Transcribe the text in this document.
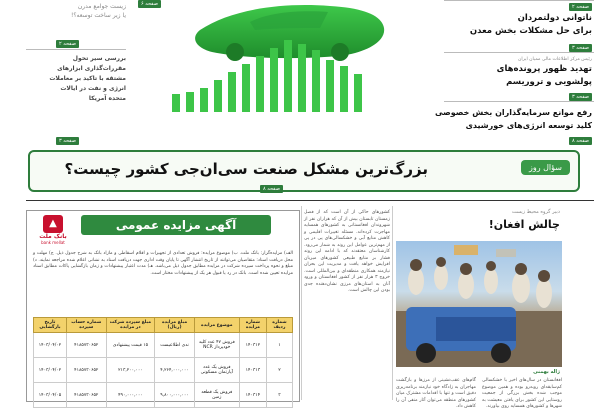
صفحه ۲
ناتوانی دولتمردان
برای حل مشکلات بخش معدن
صفحه ۳
رئیس مرکز اطلاعات مالی ممیان ایران
تهدید ظهور پرونده‌های
پولشویی و تروریسم
صفحه ۳
رفع موانع سرمایه‌گذاران بخش خصوصی
کلید توسعه انرژی‌های خورشیدی
صفحه ۸
زیست جوامع مدرن
یا زیر ساخت توسعه؟!
صفحه ۲
بررسی سیر تحول
مقررات‌گذاری ابزارهای
مشتقه با تاکید بر معاملات
انرژی و نفت در ایالات
متحده آمریکا
صفحه ۳
صفحه ۶
سؤال روز
بزرگ‌ترین مشکل صنعت سی‌ان‌جی کشور چیست؟
صفحه ۸
آگهی مزایده عمومی
▲
بانک ملت
bank mellat
الف) مزایده‌گزار: بانک ملت. ب) موضوع مزایده: فروش تعدادی از تجهیزات و اقلام اسقاطی و مازاد بانک به شرح جدول ذیل. ج) مهلت و محل دریافت اسناد: متقاضیان می‌توانند از تاریخ انتشار آگهی تا پایان وقت اداری جهت دریافت اسناد به نشانی اعلام شده مراجعه نمایند. د) مبلغ و نحوه پرداخت سپرده شرکت در مزایده مطابق جدول ذیل می‌باشد. هـ) مدت اعتبار پیشنهادات و زمان بازگشایی پاکات مطابق اسناد مزایده تعیین شده است. بانک در رد یا قبول هر یک از پیشنهادات مختار است.
شماره ردیف	شماره مزایده	موضوع مزایده	مبلغ مزایده (ریال)	مبلغ سپرده شرکت در مزایده	شماره حساب سپرده	تاریخ بازگشایی
۱	۱۴۰۳۱۲	فروش ۴۷ عدد کلید خودپرداز NCR	ندی اطلاعیست	۱۵ قیمت پیشنهادی	۴۱۸۵۷۳۰۶۵۲	۱۴۰۳/۰۴/۰۲
۲	۱۴۰۳۱۳	فروش یک عدد آپارتمان مسکونی	۴,۲۶۴,۰۰۰,۰۰۰	۲۱۳,۲۰۰,۰۰۰	۴۱۸۵۷۳۰۶۵۲	۱۴۰۳/۰۴/۰۲
۳	۱۴۰۳۱۴	فروش یک قطعه زمین	۹,۸۰۰,۰۰۰,۰۰۰	۴۹۰,۰۰۰,۰۰۰	۴۱۸۵۷۳۰۶۵۲	۱۴۰۳/۰۴/۰۵
کشورهای حاکی از آن است که از فصل زمستان تابستان بیش از آن که هزاران نفر از شهروندان افغانستانی به کشورهای همسایه مهاجرت کرده‌اند. مسئله تغییرات اقلیمی و کاهش منابع آبی و خشکسالی‌های پی در پی از مهم‌ترین عوامل این روند به شمار می‌رود. کارشناسان معتقدند که با ادامه این روند فشار بر منابع طبیعی کشورهای میزبان افزایش خواهد یافت و مدیریت این بحران نیازمند همکاری منطقه‌ای و بین‌المللی است. خروج ۳ هزار نفر از کشور افغانستان و ورود آنان به استان‌های مرزی نشان‌دهنده جدی بودن این چالش است.
دبیر گروه محیط زیست
چالش افغان!
ژاله بهمنی
گام‌های عقب‌نشینی از مرزها و بازگشت مهاجران به زادگاه خود نیازمند برنامه‌ریزی دقیق است و تنها با اقدامات مشترک میان کشورهای منطقه می‌توان آثار منفی آن را کاهش داد.
افغانستان در سال‌های اخیر با خشکسالی کم‌سابقه‌ای روبه‌رو بوده و همین موضوع موجب شده بخش بزرگی از جمعیت روستایی این کشور برای یافتن معیشت به شهرها و کشورهای همسایه روی بیاورند.
